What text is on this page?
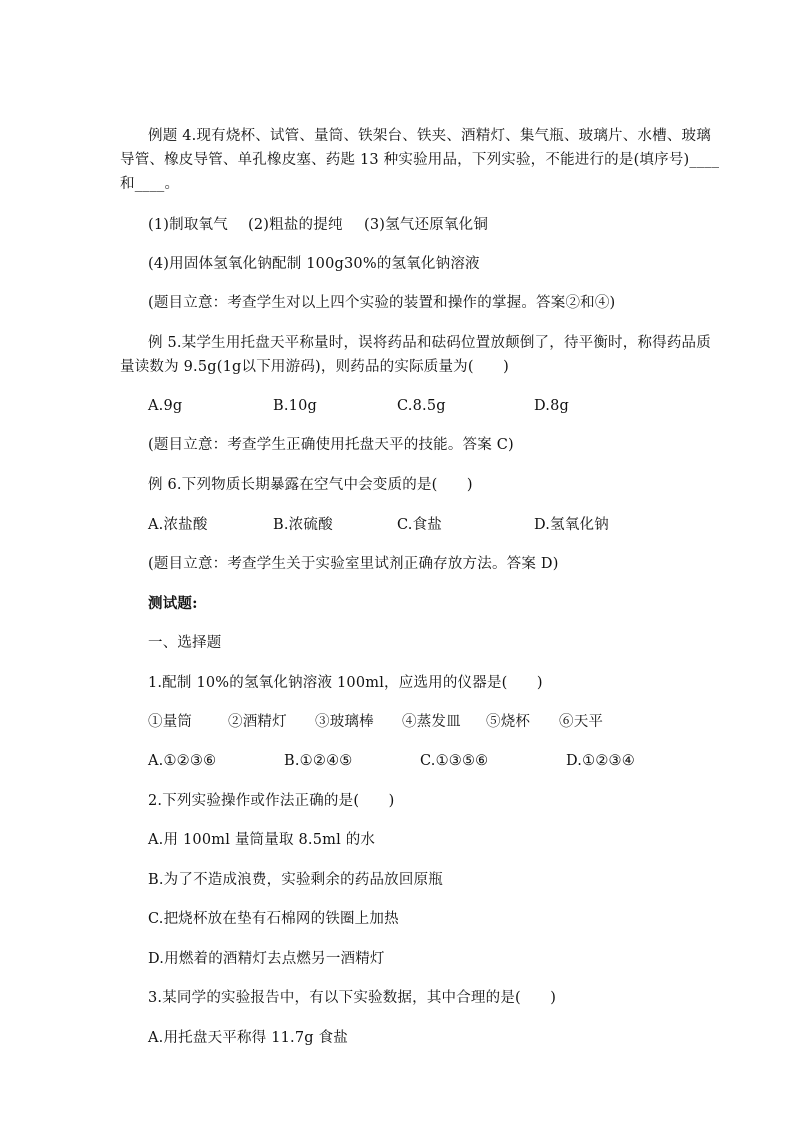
例题 4.现有烧杯、试管、量筒、铁架台、铁夹、酒精灯、集气瓶、玻璃片、水槽、玻璃
导管、橡皮导管、单孔橡皮塞、药匙 13 种实验用品，下列实验，不能进行的是(填序号)____
和____。
(1)制取氧气 (2)粗盐的提纯 (3)氢气还原氧化铜
(4)用固体氢氧化钠配制 100g30%的氢氧化钠溶液
(题目立意：考查学生对以上四个实验的装置和操作的掌握。答案②和④)
例 5.某学生用托盘天平称量时，误将药品和砝码位置放颠倒了，待平衡时，称得药品质
量读数为 9.5g(1g以下用游码)，则药品的实际质量为(　　)
A.9g	B.10g	C.8.5g	D.8g
(题目立意：考查学生正确使用托盘天平的技能。答案 C)
例 6.下列物质长期暴露在空气中会变质的是(　　)
A.浓盐酸	B.浓硫酸	C.食盐	D.氢氧化钠
(题目立意：考查学生关于实验室里试剂正确存放方法。答案 D)
测试题:
一、选择题
1.配制 10%的氢氧化钠溶液 100ml，应选用的仪器是(　　)
①量筒 ②酒精灯 ③玻璃棒 ④蒸发皿 ⑤烧杯 ⑥天平
A.①②③⑥	B.①②④⑤	C.①③⑤⑥	D.①②③④
2.下列实验操作或作法正确的是(　　)
A.用 100ml 量筒量取 8.5ml 的水
B.为了不造成浪费，实验剩余的药品放回原瓶
C.把烧杯放在垫有石棉网的铁圈上加热
D.用燃着的酒精灯去点燃另一酒精灯
3.某同学的实验报告中，有以下实验数据，其中合理的是(　　)
A.用托盘天平称得 11.7g 食盐
